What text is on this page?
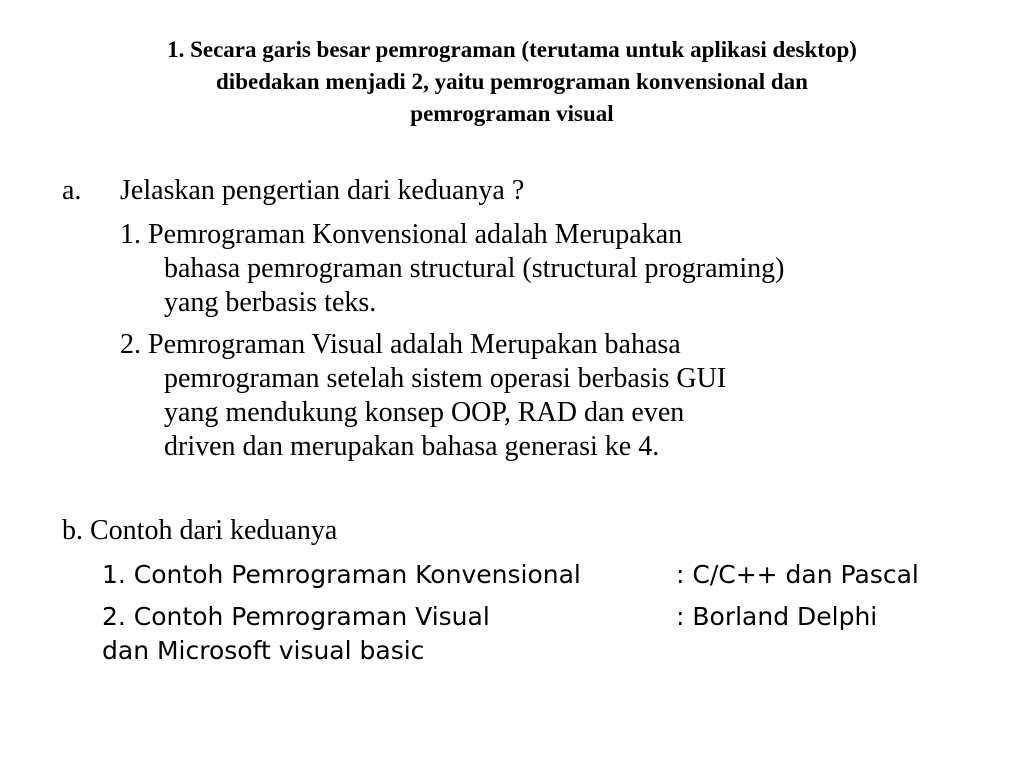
1. Secara garis besar pemrograman (terutama untuk aplikasi desktop)
dibedakan menjadi 2, yaitu pemrograman konvensional dan
pemrograman visual
a. Jelaskan pengertian dari keduanya ?
1. Pemrograman Konvensional adalah Merupakan
bahasa pemrograman structural (structural programing)
yang berbasis teks.
2. Pemrograman Visual adalah Merupakan bahasa
pemrograman setelah sistem operasi berbasis GUI
yang mendukung konsep OOP, RAD dan even
driven dan merupakan bahasa generasi ke 4.
b. Contoh dari keduanya
1. Contoh Pemrograman Konvensional	: C/C++ dan Pascal
2. Contoh Pemrograman Visual	: Borland Delphi
dan Microsoft visual basic
